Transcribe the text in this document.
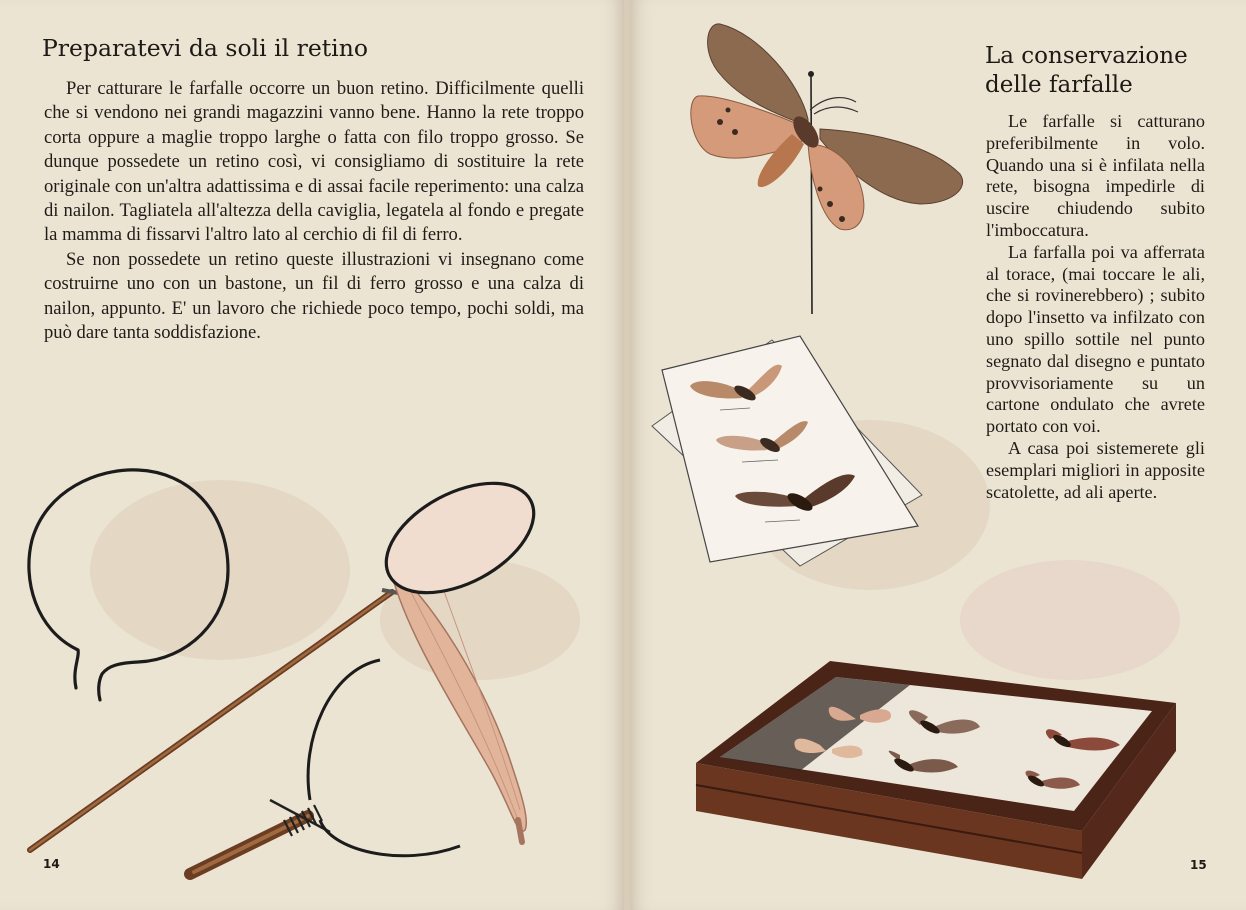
Preparatevi da soli il retino

Per catturare le farfalle occorre un buon retino. Difficilmente quelli che si vendono nei grandi magazzini vanno bene. Hanno la rete troppo corta oppure a maglie troppo larghe o fatta con filo troppo grosso. Se dunque possedete un retino così, vi consigliamo di sostituire la rete originale con un'altra adattissima e di assai facile reperimento: una calza di nailon. Tagliatela all'altezza della caviglia, legatela al fondo e pregate la mamma di fissarvi l'altro lato al cerchio di fil di ferro.

Se non possedete un retino queste illustrazioni vi insegnano come costruirne uno con un bastone, un fil di ferro grosso e una calza di nailon, appunto. E' un lavoro che richiede poco tempo, pochi soldi, ma può dare tanta soddisfazione.

La conservazione delle farfalle

Le farfalle si catturano preferibilmente in volo. Quando una si è infilata nella rete, bisogna impedirle di uscire chiudendo subito l'imboccatura.

La farfalla poi va afferrata al torace, (mai toccare le ali, che si rovinerebbero) ; subito dopo l'insetto va infilzato con uno spillo sottile nel punto segnato dal disegno e puntato provvisoriamente su un cartone ondulato che avrete portato con voi.

A casa poi sistemerete gli esemplari migliori in apposite scatolette, ad ali aperte.

14	15
